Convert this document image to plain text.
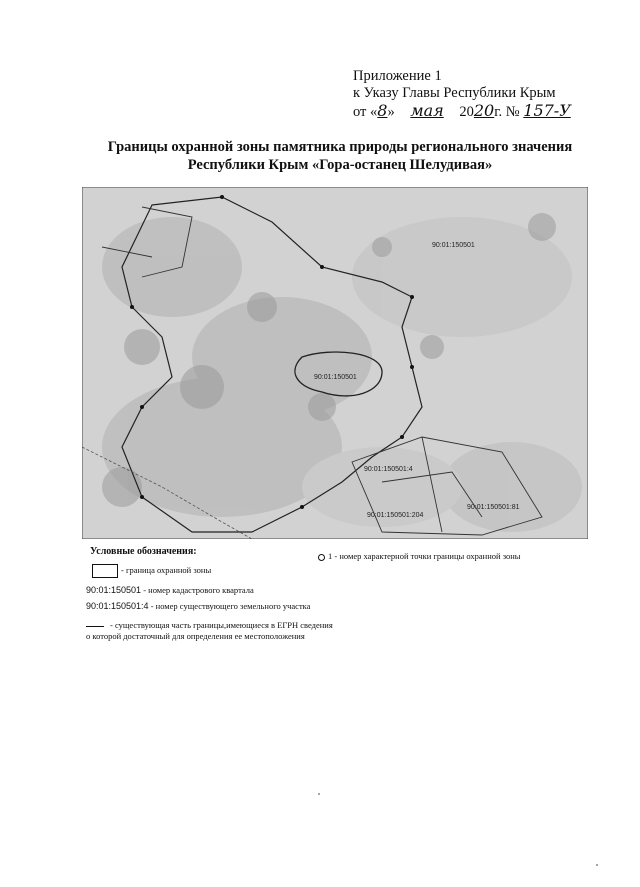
Приложение 1
к Указу Главы Республики Крым
от «8» мая 2020г. № 157-У
Границы охранной зоны памятника природы регионального значения
Республики Крым «Гора-останец Шелудивая»
90:01:150501
90:01:150501:4
90:01:150501:204
90:01:150501:81
90:01:150501
Условные обозначения:	1 - номер характерной точки границы охранной зоны
- граница охранной зоны
90:01:150501 - номер кадастрового квартала
90:01:150501:4 - номер существующего земельного участка
- существующая часть границы,имеющиеся в ЕГРН сведения
о которой достаточный для определения ее местоположения
